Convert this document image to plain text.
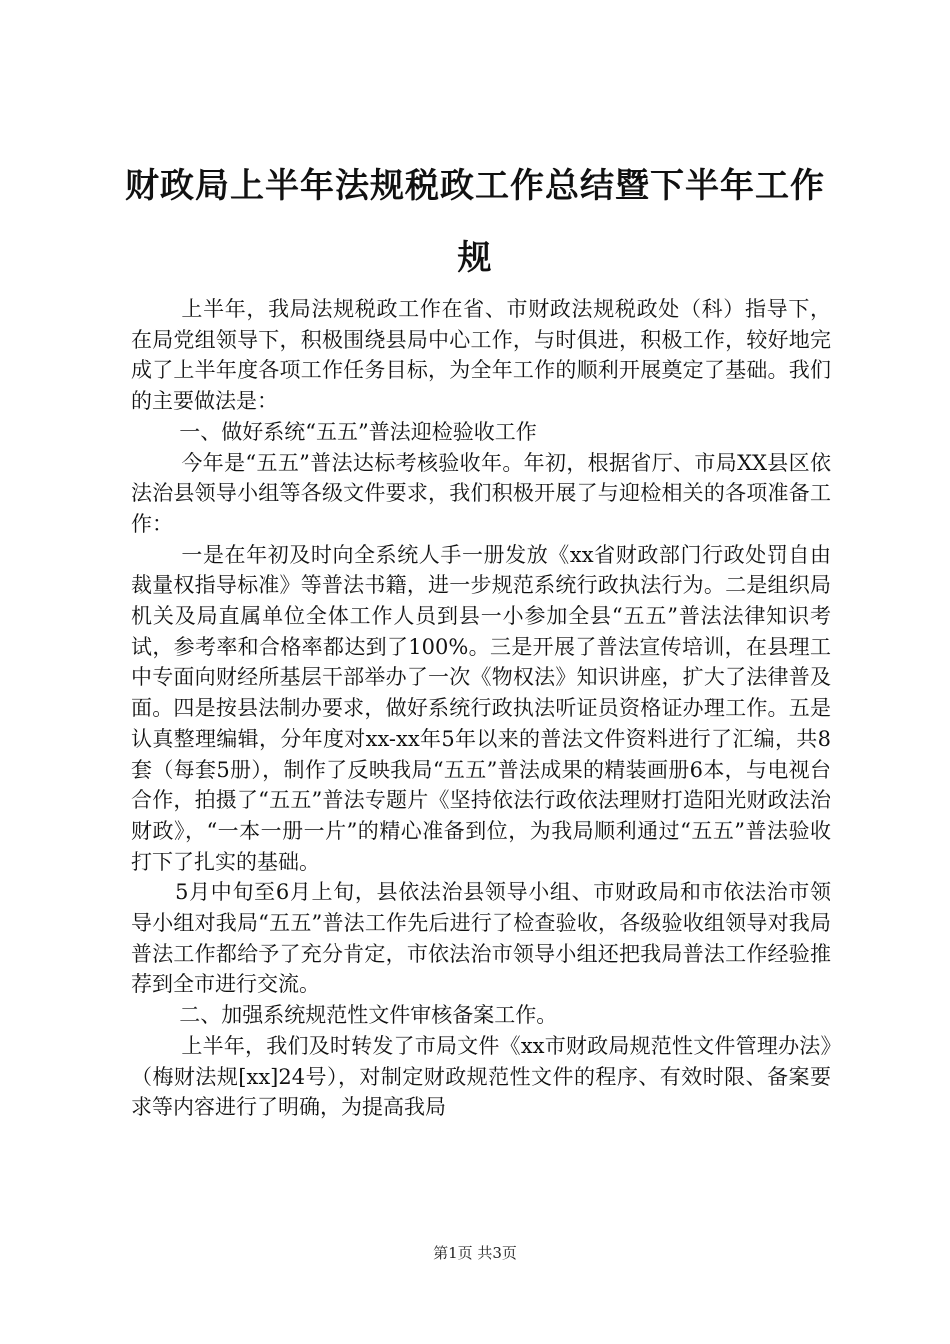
财政局上半年法规税政工作总结暨下半年工作规

上半年，我局法规税政工作在省、市财政法规税政处（科）指导下，在局党组领导下，积极围绕县局中心工作，与时俱进，积极工作，较好地完成了上半年度各项工作任务目标，为全年工作的顺利开展奠定了基础。我们的主要做法是：

一、做好系统“五五”普法迎检验收工作

今年是“五五”普法达标考核验收年。年初，根据省厅、市局XX县区依法治县领导小组等各级文件要求，我们积极开展了与迎检相关的各项准备工作：

一是在年初及时向全系统人手一册发放《xx省财政部门行政处罚自由裁量权指导标准》等普法书籍，进一步规范系统行政执法行为。二是组织局机关及局直属单位全体工作人员到县一小参加全县“五五”普法法律知识考试，参考率和合格率都达到了100%。三是开展了普法宣传培训，在县理工中专面向财经所基层干部举办了一次《物权法》知识讲座，扩大了法律普及面。四是按县法制办要求，做好系统行政执法听证员资格证办理工作。五是认真整理编辑，分年度对xx-xx年5年以来的普法文件资料进行了汇编，共8套（每套5册），制作了反映我局“五五”普法成果的精装画册6本，与电视台合作，拍摄了“五五”普法专题片《坚持依法行政依法理财打造阳光财政法治财政》，“一本一册一片”的精心准备到位，为我局顺利通过“五五”普法验收打下了扎实的基础。

5月中旬至6月上旬，县依法治县领导小组、市财政局和市依法治市领导小组对我局“五五”普法工作先后进行了检查验收，各级验收组领导对我局普法工作都给予了充分肯定，市依法治市领导小组还把我局普法工作经验推荐到全市进行交流。

二、加强系统规范性文件审核备案工作。

上半年，我们及时转发了市局文件《xx市财政局规范性文件管理办法》（梅财法规[xx]24号），对制定财政规范性文件的程序、有效时限、备案要求等内容进行了明确，为提高我局

第1页 共3页
